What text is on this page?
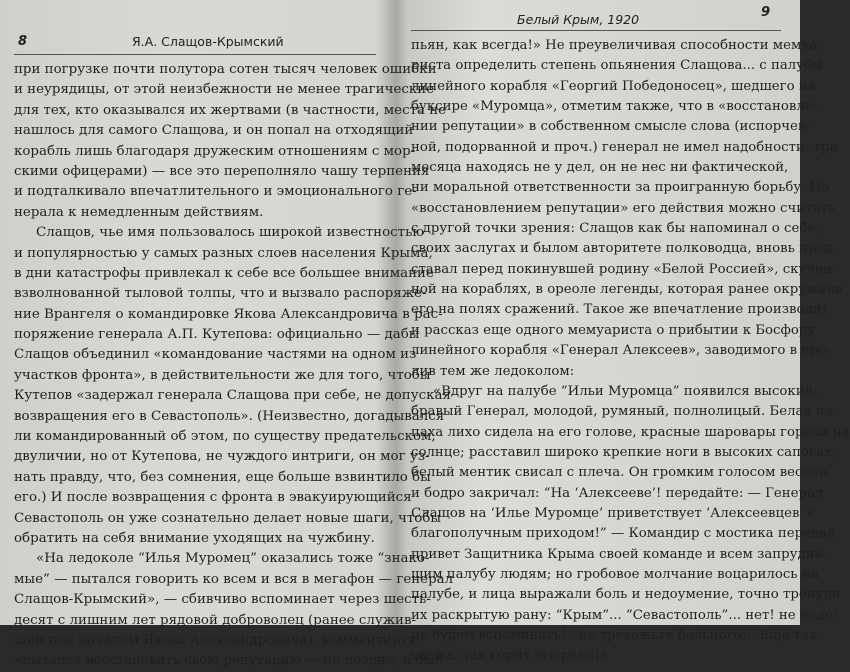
8	Я.А. Слащов-Крымский
при погрузке почти полутора сотен тысяч человек ошибки
и неурядицы, от этой неизбежности не менее трагические
для тех, кто оказывался их жертвами (в частности, места не
нашлось для самого Слащова, и он попал на отходящий
корабль лишь благодаря дружеским отношениям с мор-
скими офицерами) — все это переполняло чашу терпения
и подталкивало впечатлительного и эмоционального ге-
нерала к немедленным действиям.
Слащов, чье имя пользовалось широкой известностью
и популярностью у самых разных слоев населения Крыма,
в дни катастрофы привлекал к себе все большее внимание
взволнованной тыловой толпы, что и вызвало распоряже-
ние Врангеля о командировке Якова Александровича в рас-
поряжение генерала А.П. Кутепова: официально — дабы
Слащов объединил «командование частями на одном из
участков фронта», в действительности же для того, чтобы
Кутепов «задержал генерала Слащова при себе, не допуская
возвращения его в Севастополь». (Неизвестно, догадывался
ли командированный об этом, по существу предательском,
двуличии, но от Кутепова, не чуждого интриги, он мог уз-
нать правду, что, без сомнения, еще больше взвинтило бы
его.) И после возвращения с фронта в эвакуирующийся
Севастополь он уже сознательно делает новые шаги, чтобы
обратить на себя внимание уходящих на чужбину.
«На ледоколе “Илья Муромец” оказались тоже “знако-
мые” — пытался говорить ко всем и вся в мегафон — генерал
Слащов-Крымский», — сбивчиво вспоминает через шесть-
десят с лишним лет рядовой доброволец (ранее служив-
ший под началом Якова Александровича), комментируя:
«пытался восстановить свою репутацию — но поздно; и был
Белый Крым, 1920	9
пьян, как всегда!» Не преувеличивая способности мемуа-
риста определить степень опьянения Слащова... с палубы
линейного корабля «Георгий Победоносец», шедшего на
буксире «Муромца», отметим также, что в «восстановле-
нии репутации» в собственном смысле слова (испорчен-
ной, подорванной и проч.) генерал не имел надобности: три
месяца находясь не у дел, он не нес ни фактической,
ни моральной ответственности за проигранную борьбу. Но
«восстановлением репутации» его действия можно считать
с другой точки зрения: Слащов как бы напоминал о себе,
своих заслугах и былом авторитете полководца, вновь пред-
ставал перед покинувшей родину «Белой Россией», скучен-
ной на кораблях, в ореоле легенды, которая ранее окружала
его на полях сражений. Такое же впечатление производит
и рассказ еще одного мемуариста о прибытии к Босфору
линейного корабля «Генерал Алексеев», заводимого в про-
лив тем же ледоколом:
«Вдруг на палубе “Ильи Муромца” появился высокий,
бравый Генерал, молодой, румяный, полнолицый. Белая па-
паха лихо сидела на его голове, красные шаровары горели на
солнце; расставил широко крепкие ноги в высоких сапогах,
белый ментик свисал с плеча. Он громким голосом весело
и бодро закричал: “На ‘Алексееве’! передайте: — Генерал
Слащов на ‘Илье Муромце’ приветствует ‘Алексеевцев’ с
благополучным приходом!” — Командир с мостика передал
привет Защитника Крыма своей команде и всем запрудив-
шим палубу людям; но гробовое молчание воцарилось на
палубе, и лица выражали боль и недоумение, точно тронули
их раскрытую рану: “Крым”... “Севастополь”... нет! не надо!
не будем вспоминать!.. не тревожьте больного!.. Еще так
свежа, так горит его рана!»
